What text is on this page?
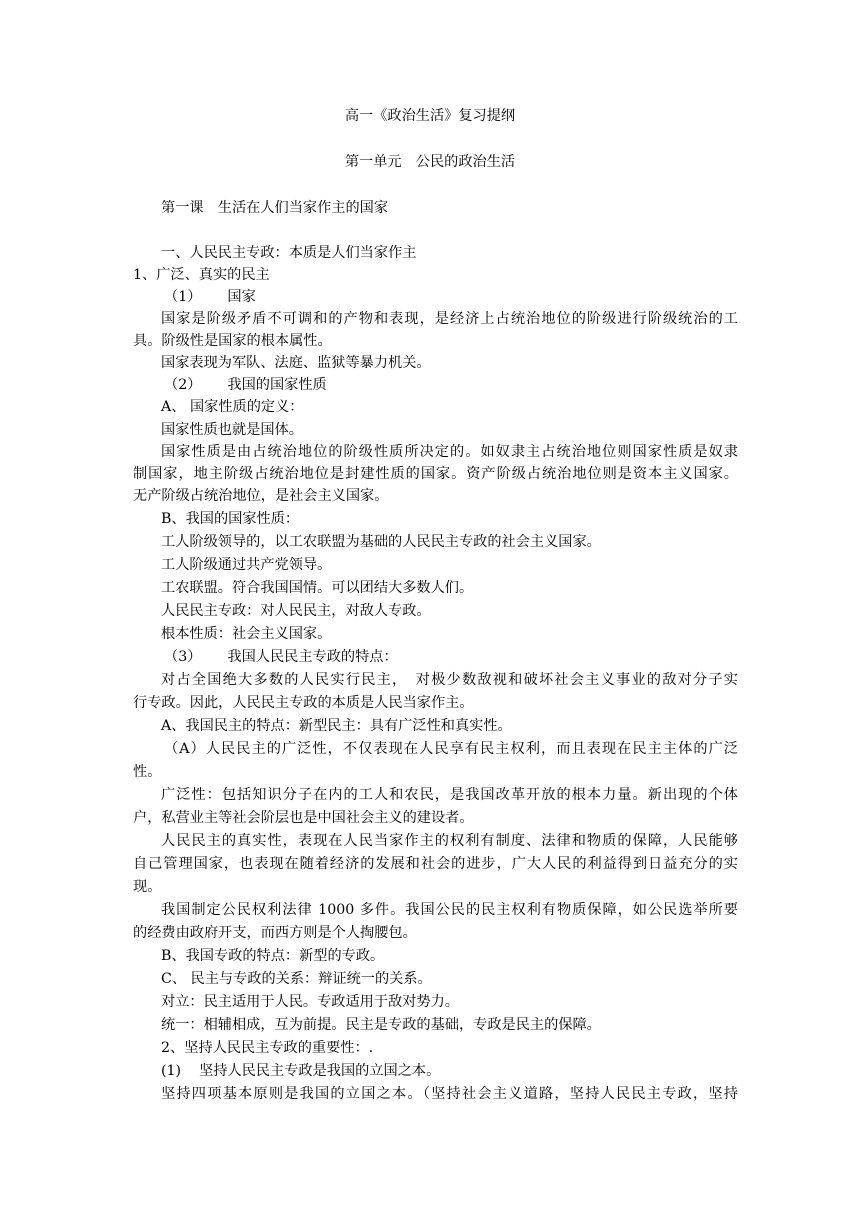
高一《政治生活》复习提纲
第一单元　公民的政治生活
第一课　生活在人们当家作主的国家
一、人民民主专政：本质是人们当家作主
1、广泛、真实的民主
（1） 国家
国家是阶级矛盾不可调和的产物和表现，是经济上占统治地位的阶级进行阶级统治的工
具。阶级性是国家的根本属性。
国家表现为军队、法庭、监狱等暴力机关。
（2） 我国的国家性质
A、 国家性质的定义：
国家性质也就是国体。
国家性质是由占统治地位的阶级性质所决定的。如奴隶主占统治地位则国家性质是奴隶
制国家，地主阶级占统治地位是封建性质的国家。资产阶级占统治地位则是资本主义国家。
无产阶级占统治地位，是社会主义国家。
B、我国的国家性质：
工人阶级领导的，以工农联盟为基础的人民民主专政的社会主义国家。
工人阶级通过共产党领导。
工农联盟。符合我国国情。可以团结大多数人们。
人民民主专政：对人民民主，对敌人专政。
根本性质：社会主义国家。
（3） 我国人民民主专政的特点：
对占全国绝大多数的人民实行民主，　对极少数敌视和破坏社会主义事业的敌对分子实
行专政。因此，人民民主专政的本质是人民当家作主。
A、我国民主的特点：新型民主：具有广泛性和真实性。
（A）人民民主的广泛性，不仅表现在人民享有民主权利，而且表现在民主主体的广泛
性。
广泛性：包括知识分子在内的工人和农民，是我国改革开放的根本力量。新出现的个体
户，私营业主等社会阶层也是中国社会主义的建设者。
人民民主的真实性，表现在人民当家作主的权利有制度、法律和物质的保障，人民能够
自己管理国家，也表现在随着经济的发展和社会的进步，广大人民的利益得到日益充分的实
现。
我国制定公民权利法律 1000 多件。我国公民的民主权利有物质保障，如公民选举所要
的经费由政府开支，而西方则是个人掏腰包。
B、我国专政的特点：新型的专政。
C、 民主与专政的关系：辩证统一的关系。
对立：民主适用于人民。专政适用于敌对势力。
统一：相辅相成，互为前提。民主是专政的基础，专政是民主的保障。
2、坚持人民民主专政的重要性：.
(1) 坚持人民民主专政是我国的立国之本。
坚持四项基本原则是我国的立国之本。（坚持社会主义道路，坚持人民民主专政，坚持
